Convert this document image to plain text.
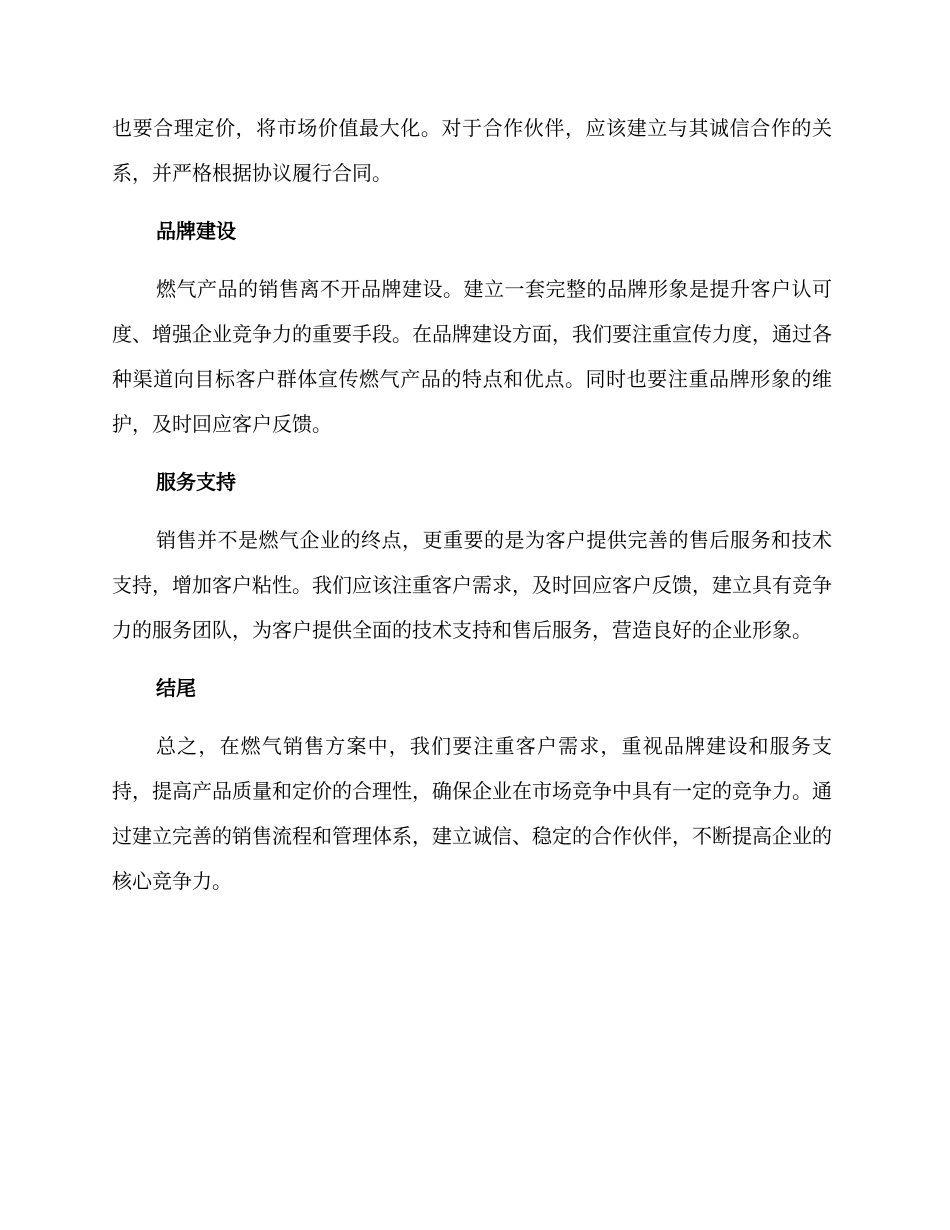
也要合理定价，将市场价值最大化。对于合作伙伴，应该建立与其诚信合作的关系，并严格根据协议履行合同。

品牌建设

燃气产品的销售离不开品牌建设。建立一套完整的品牌形象是提升客户认可度、增强企业竞争力的重要手段。在品牌建设方面，我们要注重宣传力度，通过各种渠道向目标客户群体宣传燃气产品的特点和优点。同时也要注重品牌形象的维护，及时回应客户反馈。

服务支持

销售并不是燃气企业的终点，更重要的是为客户提供完善的售后服务和技术支持，增加客户粘性。我们应该注重客户需求，及时回应客户反馈，建立具有竞争力的服务团队，为客户提供全面的技术支持和售后服务，营造良好的企业形象。

结尾

总之，在燃气销售方案中，我们要注重客户需求，重视品牌建设和服务支持，提高产品质量和定价的合理性，确保企业在市场竞争中具有一定的竞争力。通过建立完善的销售流程和管理体系，建立诚信、稳定的合作伙伴，不断提高企业的核心竞争力。
